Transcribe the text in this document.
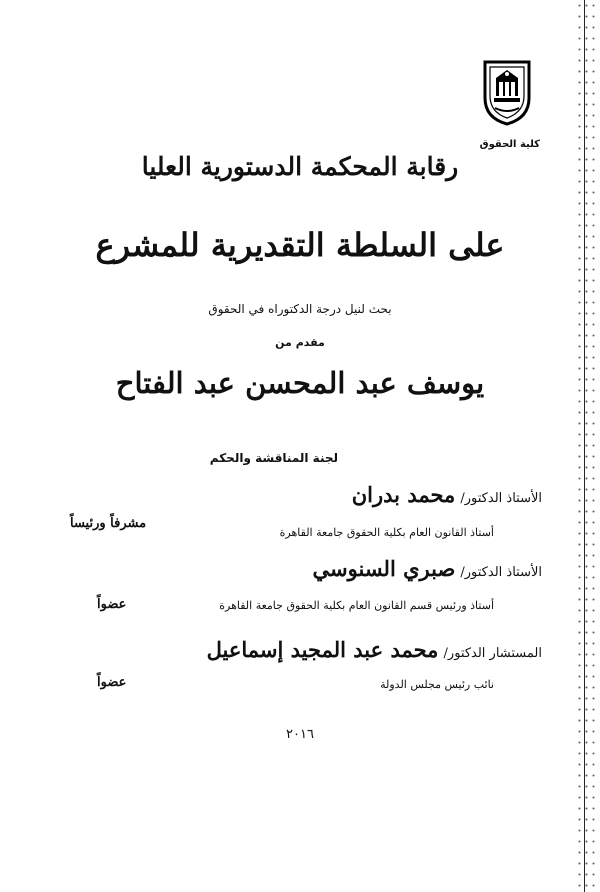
كلية الحقوق
رقابة المحكمة الدستورية العليا
على السلطة التقديرية للمشرع
بحث لنيل درجة الدكتوراه في الحقوق
مقدم من
يوسف عبد المحسن عبد الفتاح
لجنة المناقشة والحكم
الأستاذ الدكتور/ محمد بدران
أستاذ القانون العام بكلية الحقوق جامعة القاهرة
مشرفاً ورئيساً
الأستاذ الدكتور/ صبري السنوسي
أستاذ ورئيس قسم القانون العام بكلية الحقوق جامعة القاهرة
عضواً
المستشار الدكتور/ محمد عبد المجيد إسماعيل
نائب رئيس مجلس الدولة
عضواً
٢٠١٦
